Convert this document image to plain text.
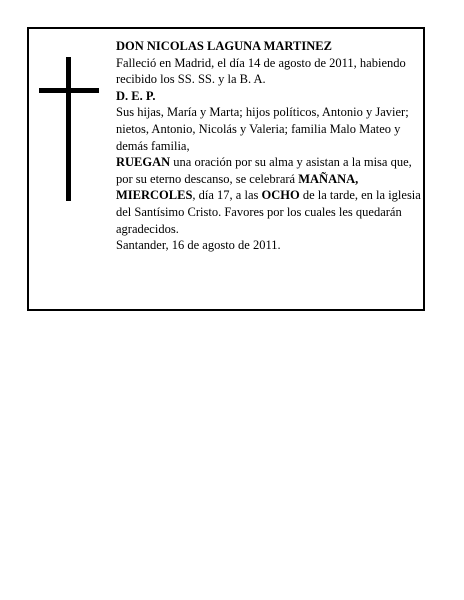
DON NICOLAS LAGUNA MARTINEZ

Falleció en Madrid, el día 14 de agosto de 2011, habiendo recibido los SS. SS. y la B. A.

D. E. P.

Sus hijas, María y Marta; hijos políticos, Antonio y Javier; nietos, Antonio, Nicolás y Valeria; familia Malo Mateo y demás familia,

RUEGAN una oración por su alma y asistan a la misa que, por su eterno descanso, se celebrará MAÑANA, MIERCOLES, día 17, a las OCHO de la tarde, en la iglesia del Santísimo Cristo. Favores por los cuales les quedarán agradecidos.

Santander, 16 de agosto de 2011.
